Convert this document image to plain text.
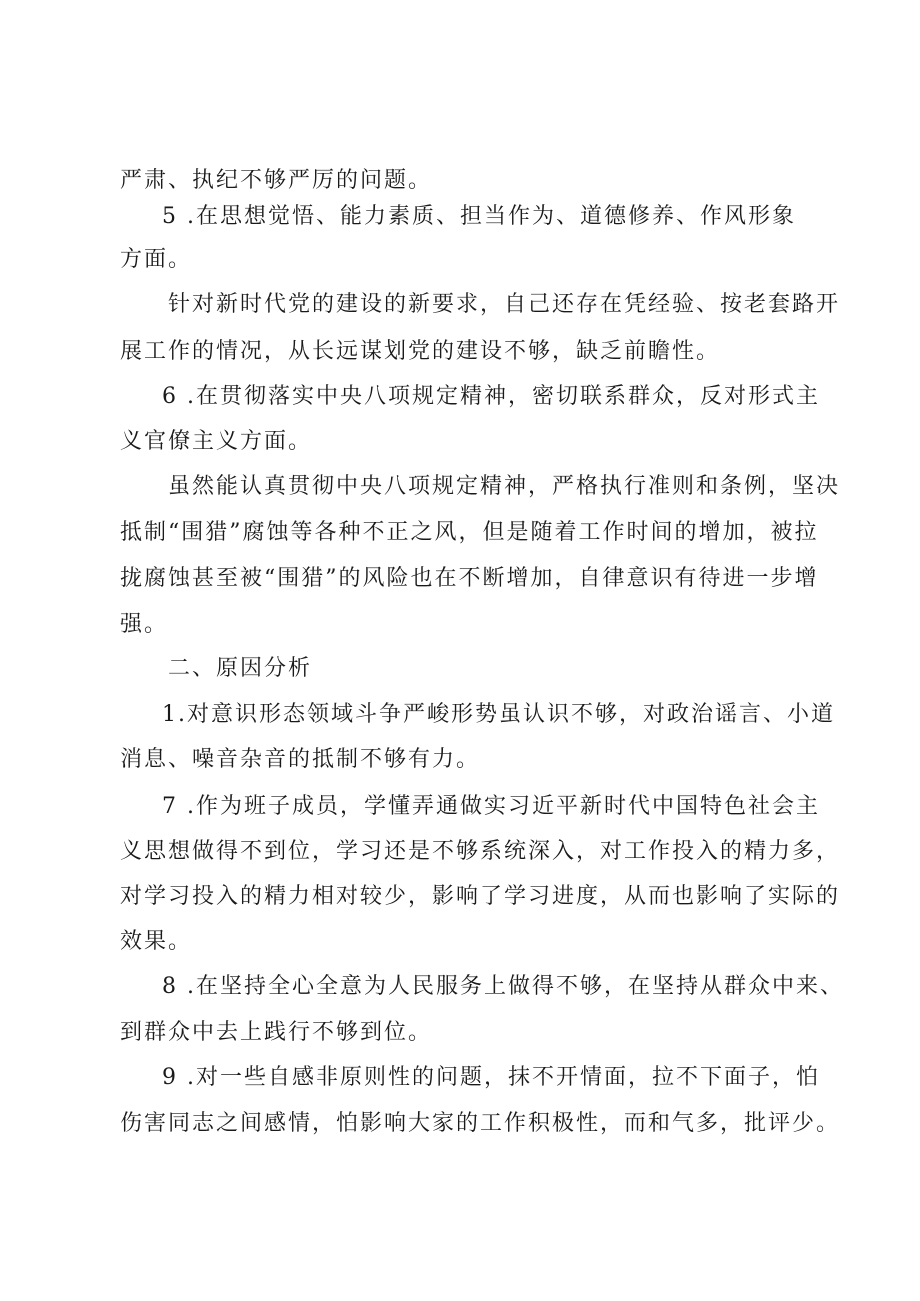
严肃、执纪不够严厉的问题。
5 .在思想觉悟、能力素质、担当作为、道德修养、作风形象
方面。
针对新时代党的建设的新要求，自己还存在凭经验、按老套路开
展工作的情况，从长远谋划党的建设不够，缺乏前瞻性。
6 .在贯彻落实中央八项规定精神，密切联系群众，反对形式主
义官僚主义方面。
虽然能认真贯彻中央八项规定精神，严格执行准则和条例，坚决
抵制“围猎”腐蚀等各种不正之风，但是随着工作时间的增加，被拉
拢腐蚀甚至被“围猎”的风险也在不断增加，自律意识有待进一步增
强。
二、原因分析
1.对意识形态领域斗争严峻形势虽认识不够，对政治谣言、小道
消息、噪音杂音的抵制不够有力。
7 .作为班子成员，学懂弄通做实习近平新时代中国特色社会主
义思想做得不到位，学习还是不够系统深入，对工作投入的精力多，
对学习投入的精力相对较少，影响了学习进度，从而也影响了实际的
效果。
8 .在坚持全心全意为人民服务上做得不够，在坚持从群众中来、
到群众中去上践行不够到位。
9 .对一些自感非原则性的问题，抹不开情面，拉不下面子，怕
伤害同志之间感情，怕影响大家的工作积极性，而和气多，批评少。
